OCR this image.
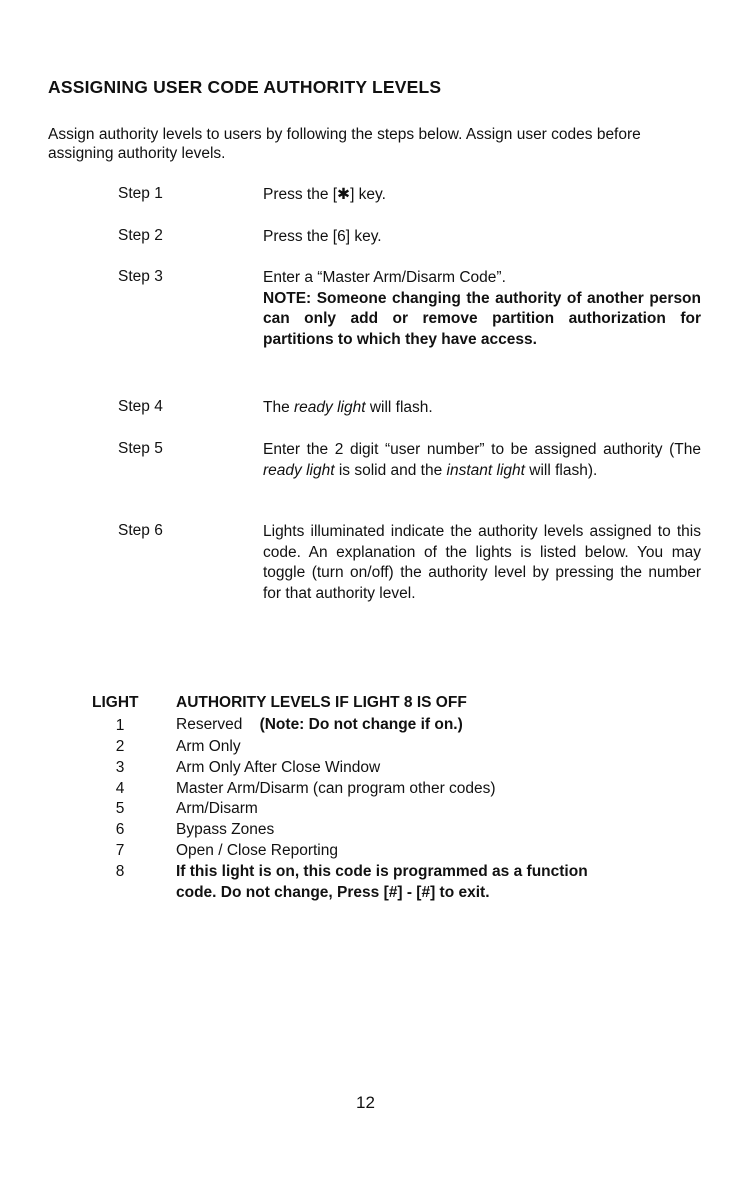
ASSIGNING USER CODE AUTHORITY LEVELS
Assign authority levels to users by following the steps below. Assign user codes before assigning authority levels.
Step 1	Press the [✱] key.
Step 2	Press the [6] key.
Step 3	Enter a “Master Arm/Disarm Code”.
NOTE: Someone changing the authority of another person can only add or remove partition authorization for partitions to which they have access.
Step 4	The ready light will flash.
Step 5	Enter the 2 digit “user number” to be assigned authority (The ready light is solid and the instant light will flash).
Step 6	Lights illuminated indicate the authority levels assigned to this code. An explanation of the lights is listed below. You may toggle (turn on/off) the authority level by pressing the number for that authority level.
LIGHT AUTHORITY LEVELS IF LIGHT 8 IS OFF
1	Reserved (Note: Do not change if on.)
2	Arm Only
3	Arm Only After Close Window
4	Master Arm/Disarm (can program other codes)
5	Arm/Disarm
6	Bypass Zones
7	Open / Close Reporting
8	If this light is on, this code is programmed as a function code. Do not change, Press [#] - [#] to exit.
12
